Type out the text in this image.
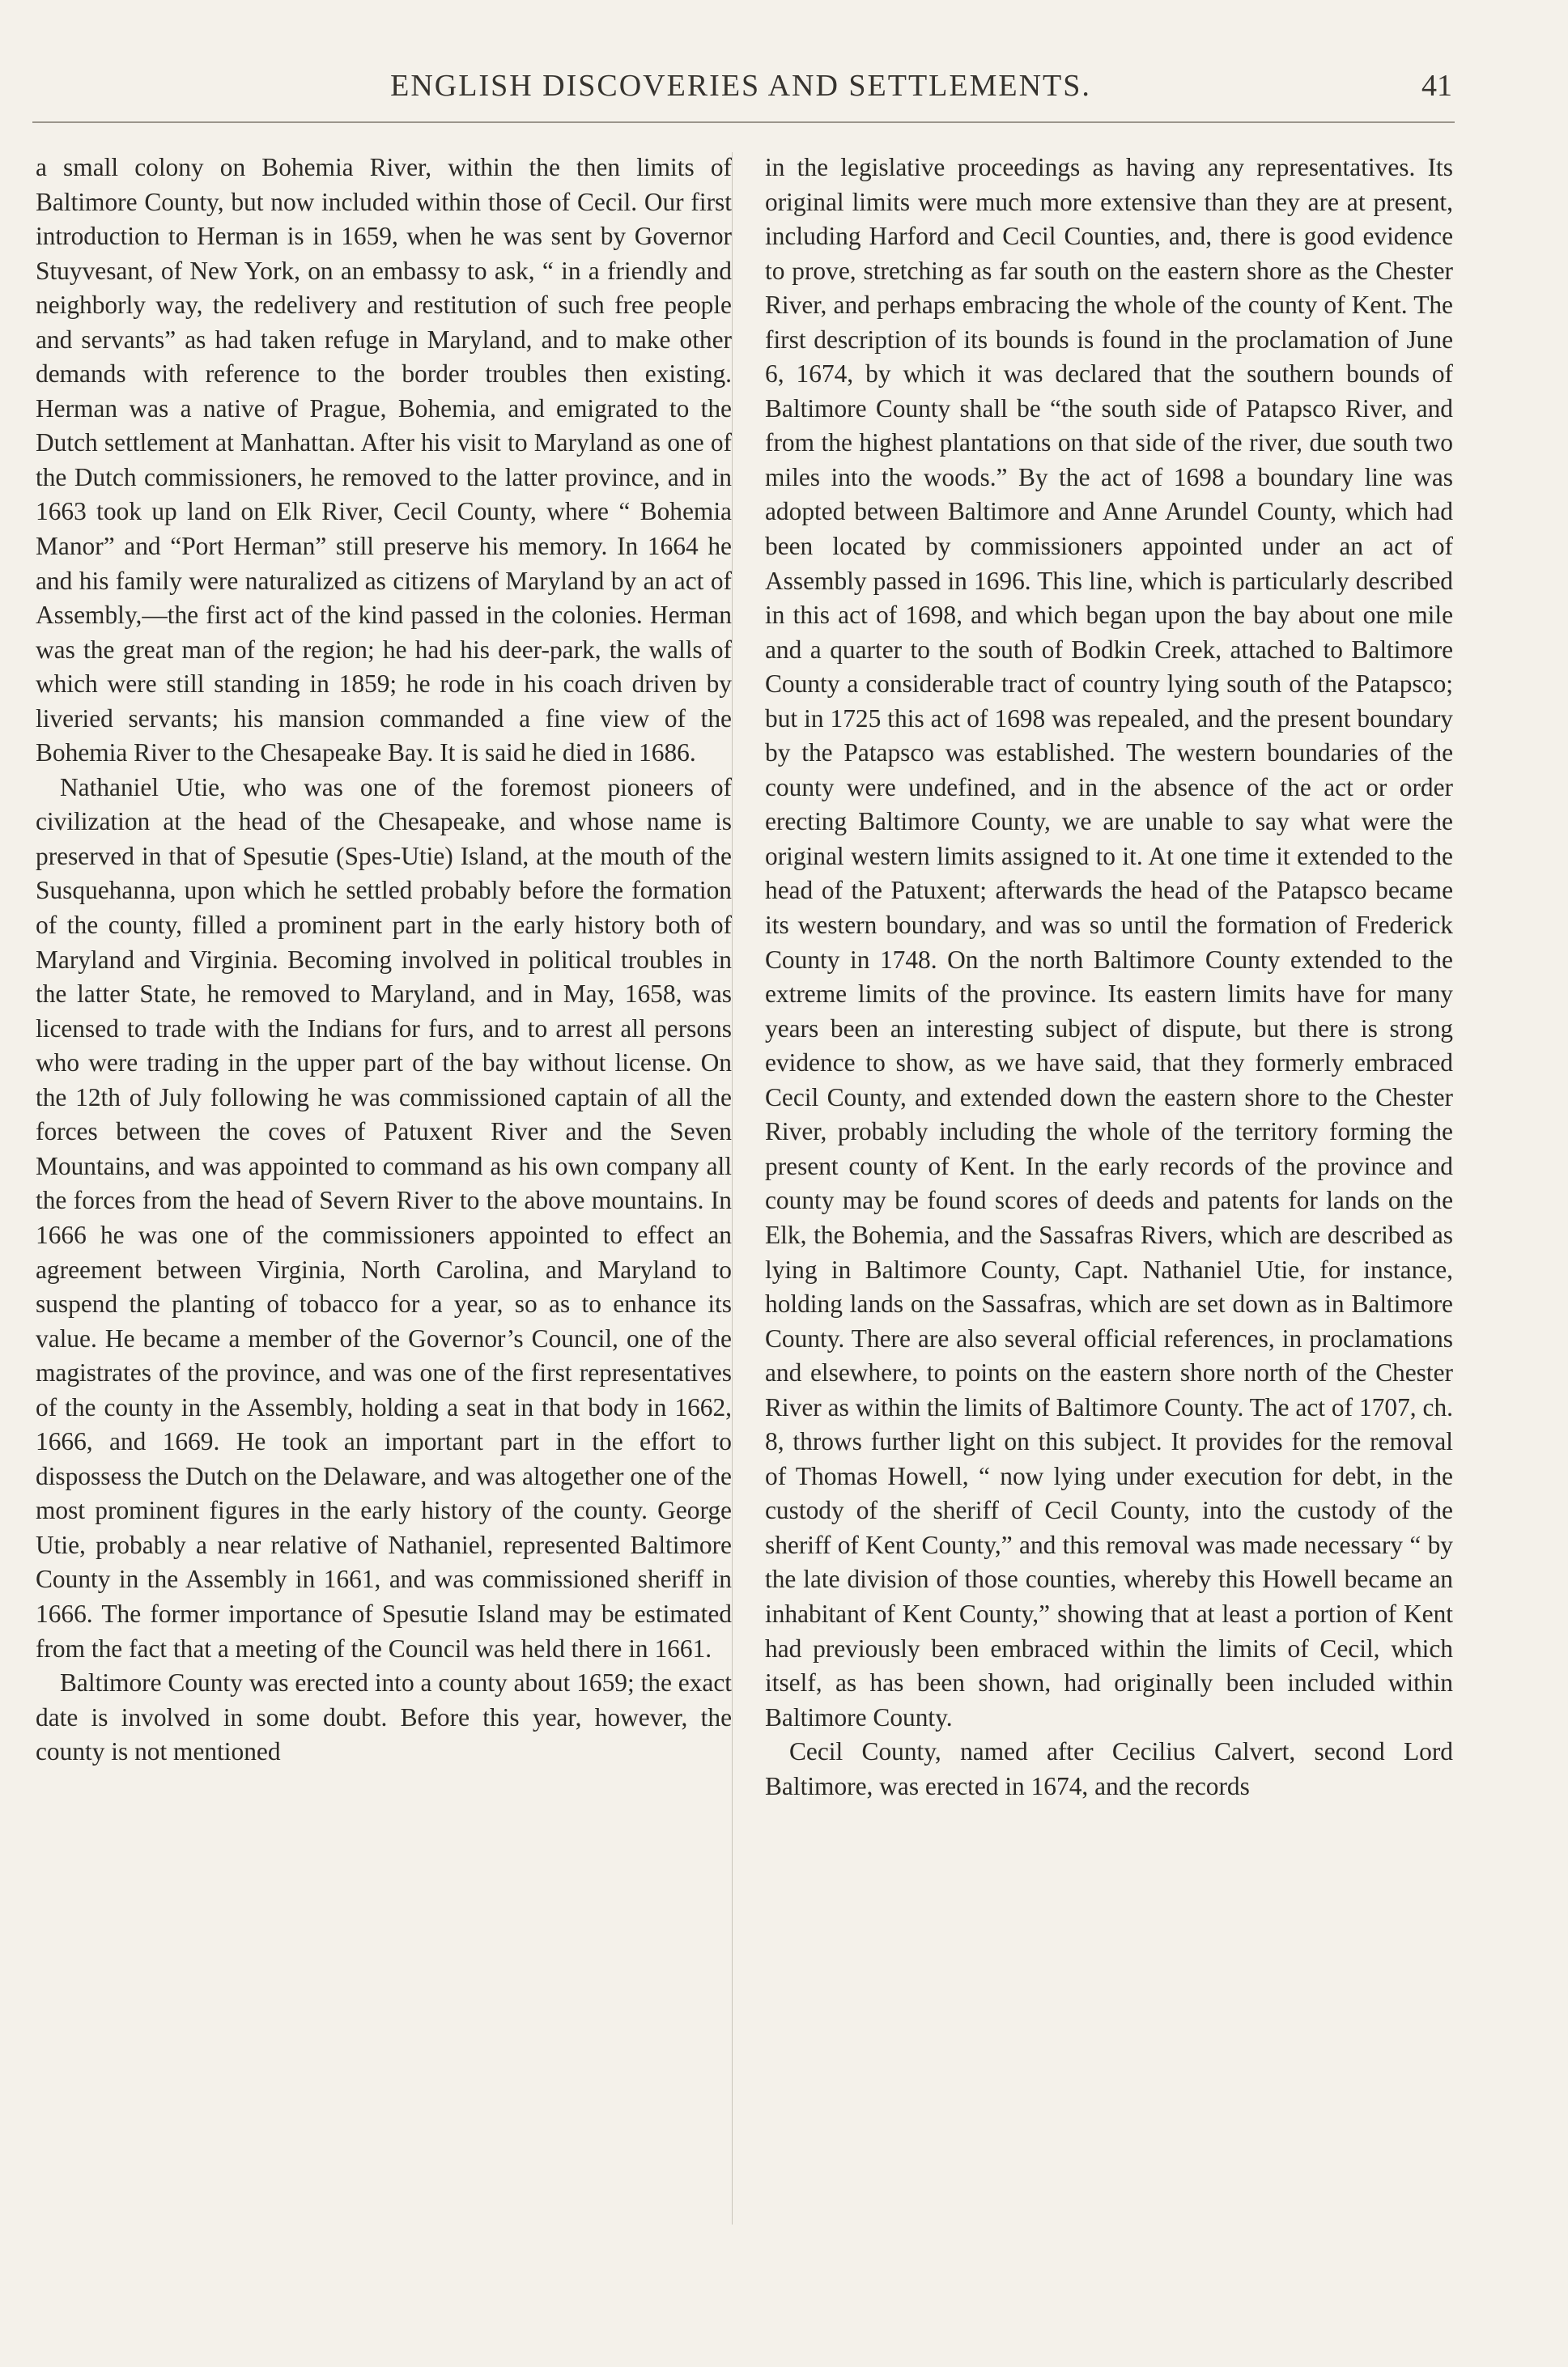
ENGLISH DISCOVERIES AND SETTLEMENTS.	41

a small colony on Bohemia River, within the then limits of Baltimore County, but now included within those of Cecil. Our first introduction to Herman is in 1659, when he was sent by Governor Stuyvesant, of New York, on an embassy to ask, “ in a friendly and neighborly way, the redelivery and restitution of such free people and servants” as had taken refuge in Maryland, and to make other demands with reference to the border troubles then existing. Herman was a native of Prague, Bohemia, and emigrated to the Dutch settlement at Manhattan. After his visit to Maryland as one of the Dutch commissioners, he removed to the latter province, and in 1663 took up land on Elk River, Cecil County, where “ Bohemia Manor” and “Port Herman” still preserve his memory. In 1664 he and his family were naturalized as citizens of Maryland by an act of Assembly,—the first act of the kind passed in the colonies. Herman was the great man of the region; he had his deer-park, the walls of which were still standing in 1859; he rode in his coach driven by liveried servants; his mansion commanded a fine view of the Bohemia River to the Chesapeake Bay. It is said he died in 1686.

Nathaniel Utie, who was one of the foremost pioneers of civilization at the head of the Chesapeake, and whose name is preserved in that of Spesutie (Spes-Utie) Island, at the mouth of the Susquehanna, upon which he settled probably before the formation of the county, filled a prominent part in the early history both of Maryland and Virginia. Becoming involved in political troubles in the latter State, he removed to Maryland, and in May, 1658, was licensed to trade with the Indians for furs, and to arrest all persons who were trading in the upper part of the bay without license. On the 12th of July following he was commissioned captain of all the forces between the coves of Patuxent River and the Seven Mountains, and was appointed to command as his own company all the forces from the head of Severn River to the above mountains. In 1666 he was one of the commissioners appointed to effect an agreement between Virginia, North Carolina, and Maryland to suspend the planting of tobacco for a year, so as to enhance its value. He became a member of the Governor’s Council, one of the magistrates of the province, and was one of the first representatives of the county in the Assembly, holding a seat in that body in 1662, 1666, and 1669. He took an important part in the effort to dispossess the Dutch on the Delaware, and was altogether one of the most prominent figures in the early history of the county. George Utie, probably a near relative of Nathaniel, represented Baltimore County in the Assembly in 1661, and was commissioned sheriff in 1666. The former importance of Spesutie Island may be estimated from the fact that a meeting of the Council was held there in 1661.

Baltimore County was erected into a county about 1659; the exact date is involved in some doubt. Before this year, however, the county is not mentioned

in the legislative proceedings as having any representatives. Its original limits were much more extensive than they are at present, including Harford and Cecil Counties, and, there is good evidence to prove, stretching as far south on the eastern shore as the Chester River, and perhaps embracing the whole of the county of Kent. The first description of its bounds is found in the proclamation of June 6, 1674, by which it was declared that the southern bounds of Baltimore County shall be “the south side of Patapsco River, and from the highest plantations on that side of the river, due south two miles into the woods.” By the act of 1698 a boundary line was adopted between Baltimore and Anne Arundel County, which had been located by commissioners appointed under an act of Assembly passed in 1696. This line, which is particularly described in this act of 1698, and which began upon the bay about one mile and a quarter to the south of Bodkin Creek, attached to Baltimore County a considerable tract of country lying south of the Patapsco; but in 1725 this act of 1698 was repealed, and the present boundary by the Patapsco was established. The western boundaries of the county were undefined, and in the absence of the act or order erecting Baltimore County, we are unable to say what were the original western limits assigned to it. At one time it extended to the head of the Patuxent; afterwards the head of the Patapsco became its western boundary, and was so until the formation of Frederick County in 1748. On the north Baltimore County extended to the extreme limits of the province. Its eastern limits have for many years been an interesting subject of dispute, but there is strong evidence to show, as we have said, that they formerly embraced Cecil County, and extended down the eastern shore to the Chester River, probably including the whole of the territory forming the present county of Kent. In the early records of the province and county may be found scores of deeds and patents for lands on the Elk, the Bohemia, and the Sassafras Rivers, which are described as lying in Baltimore County, Capt. Nathaniel Utie, for instance, holding lands on the Sassafras, which are set down as in Baltimore County. There are also several official references, in proclamations and elsewhere, to points on the eastern shore north of the Chester River as within the limits of Baltimore County. The act of 1707, ch. 8, throws further light on this subject. It provides for the removal of Thomas Howell, “ now lying under execution for debt, in the custody of the sheriff of Cecil County, into the custody of the sheriff of Kent County,” and this removal was made necessary “ by the late division of those counties, whereby this Howell became an inhabitant of Kent County,” showing that at least a portion of Kent had previously been embraced within the limits of Cecil, which itself, as has been shown, had originally been included within Baltimore County.

Cecil County, named after Cecilius Calvert, second Lord Baltimore, was erected in 1674, and the records
